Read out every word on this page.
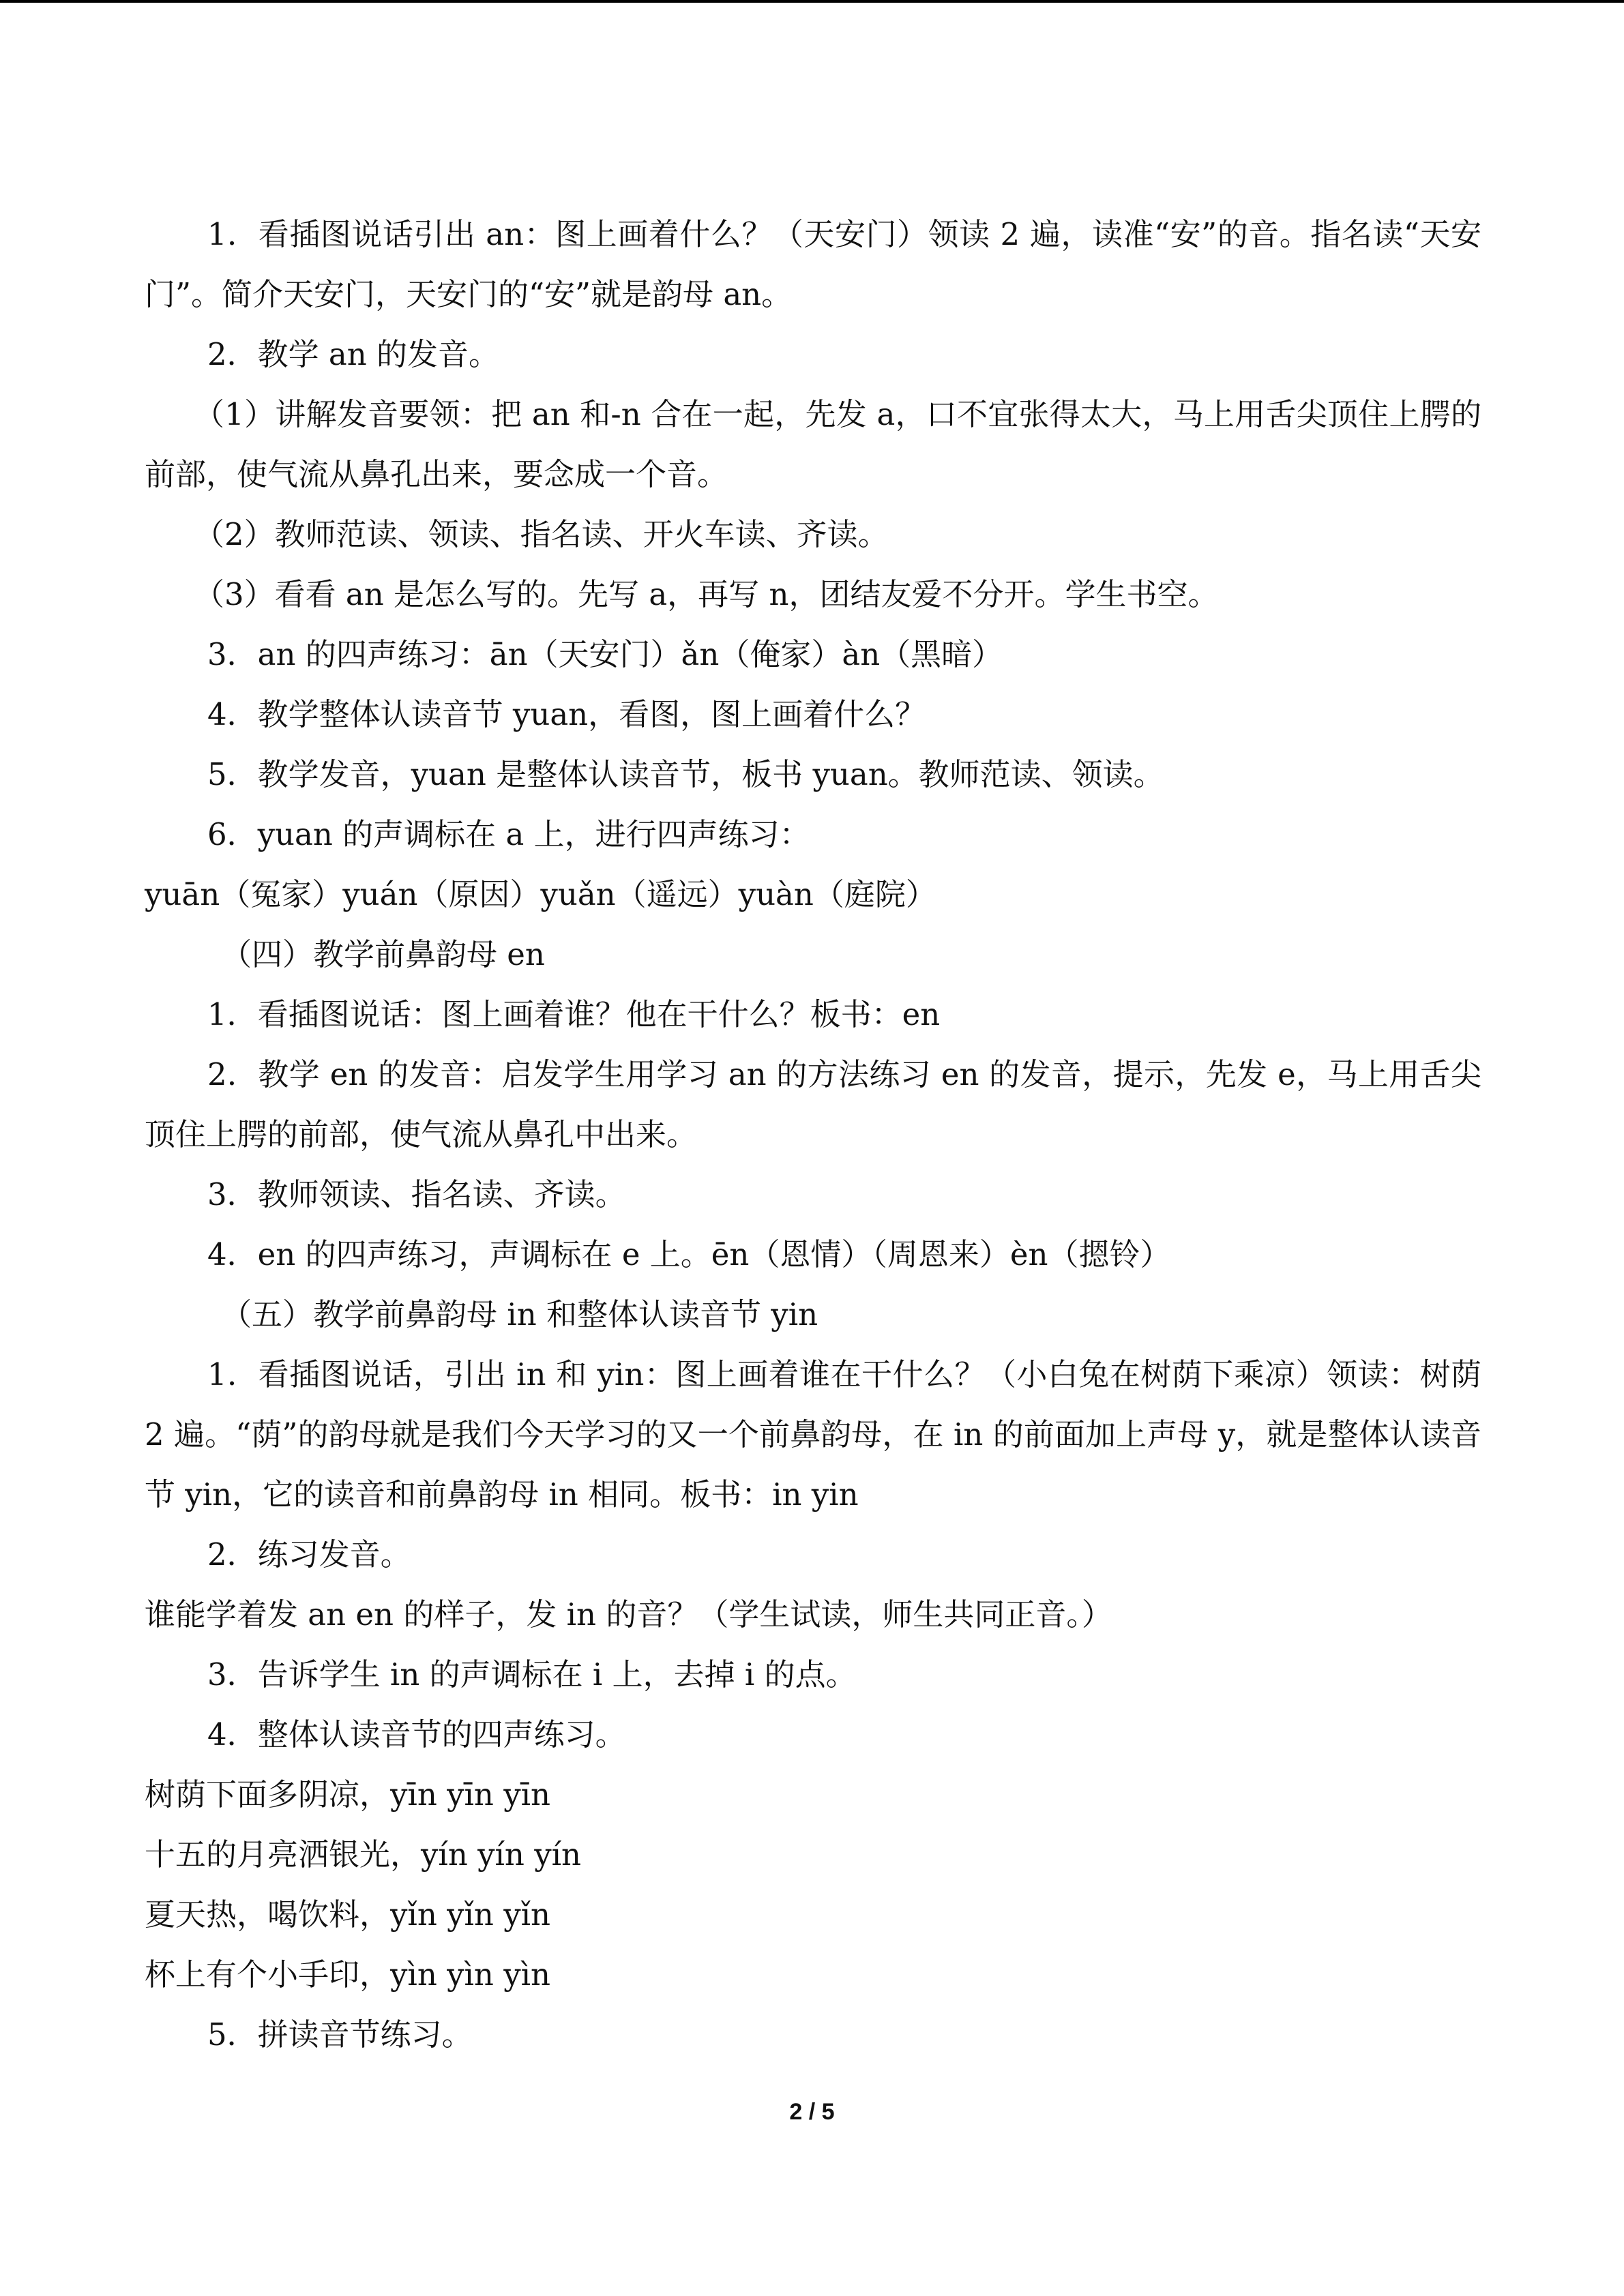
1．看插图说话引出 an：图上画着什么？（天安门）领读 2 遍，读准“安”的音。指名读“天安门”。简介天安门，天安门的“安”就是韵母 an。

2．教学 an 的发音。

（1）讲解发音要领：把 an 和-n 合在一起，先发 a，口不宜张得太大，马上用舌尖顶住上腭的前部，使气流从鼻孔出来，要念成一个音。

（2）教师范读、领读、指名读、开火车读、齐读。

（3）看看 an 是怎么写的。先写 a，再写 n，团结友爱不分开。学生书空。

3．an 的四声练习：ān（天安门）ǎn（俺家）àn（黑暗）

4．教学整体认读音节 yuan，看图，图上画着什么？

5．教学发音，yuan 是整体认读音节，板书 yuan。教师范读、领读。

6．yuan 的声调标在 a 上，进行四声练习：

yuān（冤家）yuán（原因）yuǎn（遥远）yuàn（庭院）

（四）教学前鼻韵母 en

1．看插图说话：图上画着谁？他在干什么？板书：en

2．教学 en 的发音：启发学生用学习 an 的方法练习 en 的发音，提示，先发 e，马上用舌尖顶住上腭的前部，使气流从鼻孔中出来。

3．教师领读、指名读、齐读。

4．en 的四声练习，声调标在 e 上。ēn（恩情）（周恩来）èn（摁铃）

（五）教学前鼻韵母 in 和整体认读音节 yin

1．看插图说话，引出 in 和 yin：图上画着谁在干什么？（小白兔在树荫下乘凉）领读：树荫 2 遍。“荫”的韵母就是我们今天学习的又一个前鼻韵母，在 in 的前面加上声母 y，就是整体认读音节 yin，它的读音和前鼻韵母 in 相同。板书：in yin

2．练习发音。

谁能学着发 an en 的样子，发 in 的音？（学生试读，师生共同正音。）

3．告诉学生 in 的声调标在 i 上，去掉 i 的点。

4．整体认读音节的四声练习。

树荫下面多阴凉，yīn yīn yīn

十五的月亮洒银光，yín yín yín

夏天热，喝饮料，yǐn yǐn yǐn

杯上有个小手印，yìn yìn yìn

5．拼读音节练习。

2 / 5
